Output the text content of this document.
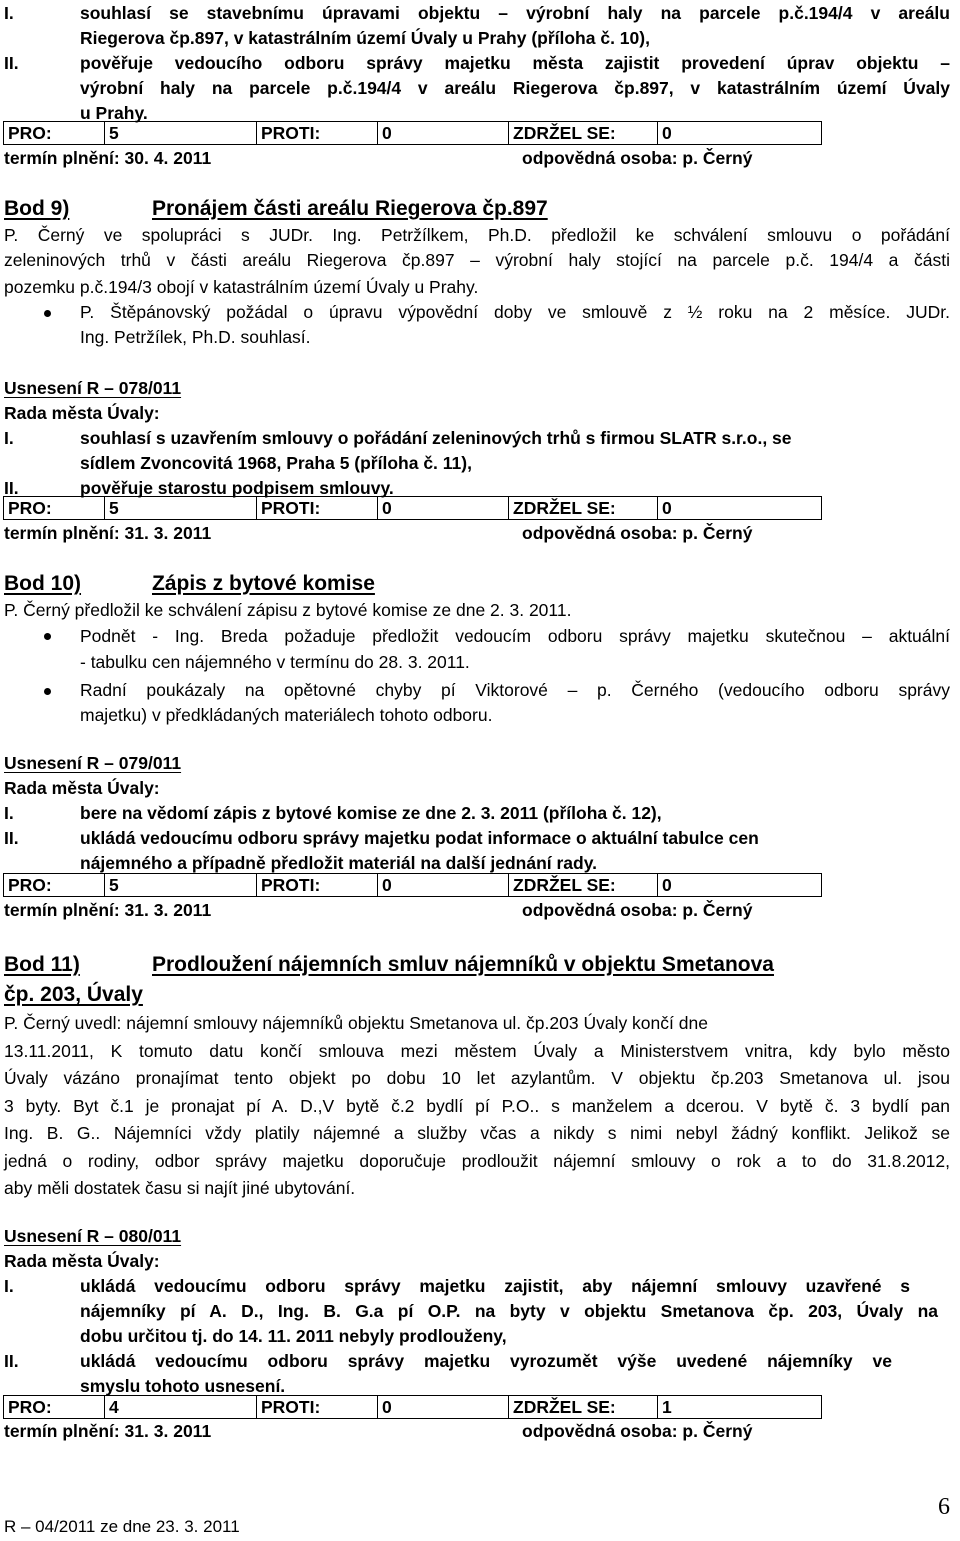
I.	souhlasí se stavebnímu úpravami objektu – výrobní haly na parcele p.č.194/4 v areálu
Riegerova čp.897, v katastrálním území Úvaly u Prahy (příloha č. 10),
II.	pověřuje vedoucího odboru správy majetku města zajistit provedení úprav objektu –
výrobní haly na parcele p.č.194/4 v areálu Riegerova čp.897, v katastrálním území Úvaly
u Prahy.
PRO:	5	PROTI:	0	ZDRŽEL SE:	0
termín plnění: 30. 4. 2011	odpovědná osoba: p. Černý
Bod 9)	Pronájem části areálu Riegerova čp.897
P. Černý ve spolupráci s JUDr. Ing. Petržílkem, Ph.D. předložil ke schválení smlouvu o pořádání
zeleninových trhů v části areálu Riegerova čp.897 – výrobní haly stojící na parcele p.č. 194/4 a části
pozemku p.č.194/3 obojí v katastrálním území Úvaly u Prahy.
P. Štěpánovský požádal o úpravu výpovědní doby ve smlouvě z ½ roku na 2 měsíce. JUDr.
Ing. Petržílek, Ph.D. souhlasí.
Usnesení R – 078/011
Rada města Úvaly:
I.	souhlasí s uzavřením smlouvy o pořádání zeleninových trhů s firmou SLATR s.r.o., se
sídlem Zvoncovitá 1968, Praha 5 (příloha č. 11),
II.	pověřuje starostu podpisem smlouvy.
PRO:	5	PROTI:	0	ZDRŽEL SE:	0
termín plnění: 31. 3. 2011	odpovědná osoba: p. Černý
Bod 10)	Zápis z bytové komise
P. Černý předložil ke schválení zápisu z bytové komise ze dne 2. 3. 2011.
Podnět - Ing. Breda požaduje předložit vedoucím odboru správy majetku skutečnou – aktuální
- tabulku cen nájemného v termínu do 28. 3. 2011.
Radní poukázaly na opětovné chyby pí Viktorové – p. Černého (vedoucího odboru správy
majetku) v předkládaných materiálech tohoto odboru.
Usnesení R – 079/011
Rada města Úvaly:
I.	bere na vědomí zápis z bytové komise ze dne 2. 3. 2011 (příloha č. 12),
II.	ukládá vedoucímu odboru správy majetku podat informace o aktuální tabulce cen
nájemného a případně předložit materiál na další jednání rady.
PRO:	5	PROTI:	0	ZDRŽEL SE:	0
termín plnění: 31. 3. 2011	odpovědná osoba: p. Černý
Bod 11)	Prodloužení nájemních smluv nájemníků v objektu Smetanova
čp. 203, Úvaly
P. Černý uvedl: nájemní smlouvy nájemníků objektu Smetanova ul. čp.203 Úvaly končí dne
13.11.2011, K tomuto datu končí smlouva mezi městem Úvaly a Ministerstvem vnitra, kdy bylo město
Úvaly vázáno pronajímat tento objekt po dobu 10 let azylantům. V objektu čp.203 Smetanova ul. jsou
3 byty. Byt č.1 je pronajat pí A. D.,V bytě č.2 bydlí pí P.O.. s manželem a dcerou. V bytě č. 3 bydlí pan
Ing. B. G.. Nájemníci vždy platily nájemné a služby včas a nikdy s nimi nebyl žádný konflikt. Jelikož se
jedná o rodiny, odbor správy majetku doporučuje prodloužit nájemní smlouvy o rok a to do 31.8.2012,
aby měli dostatek času si najít jiné ubytování.
Usnesení R – 080/011
Rada města Úvaly:
I.	ukládá vedoucímu odboru správy majetku zajistit, aby nájemní smlouvy uzavřené s
nájemníky pí A. D., Ing. B. G.a pí O.P. na byty v objektu Smetanova čp. 203, Úvaly na
dobu určitou tj. do 14. 11. 2011 nebyly prodlouženy,
II.	ukládá vedoucímu odboru správy majetku vyrozumět výše uvedené nájemníky ve
smyslu tohoto usnesení.
PRO:	4	PROTI:	0	ZDRŽEL SE:	1
termín plnění: 31. 3. 2011	odpovědná osoba: p. Černý
R – 04/2011 ze dne 23. 3. 2011
6
